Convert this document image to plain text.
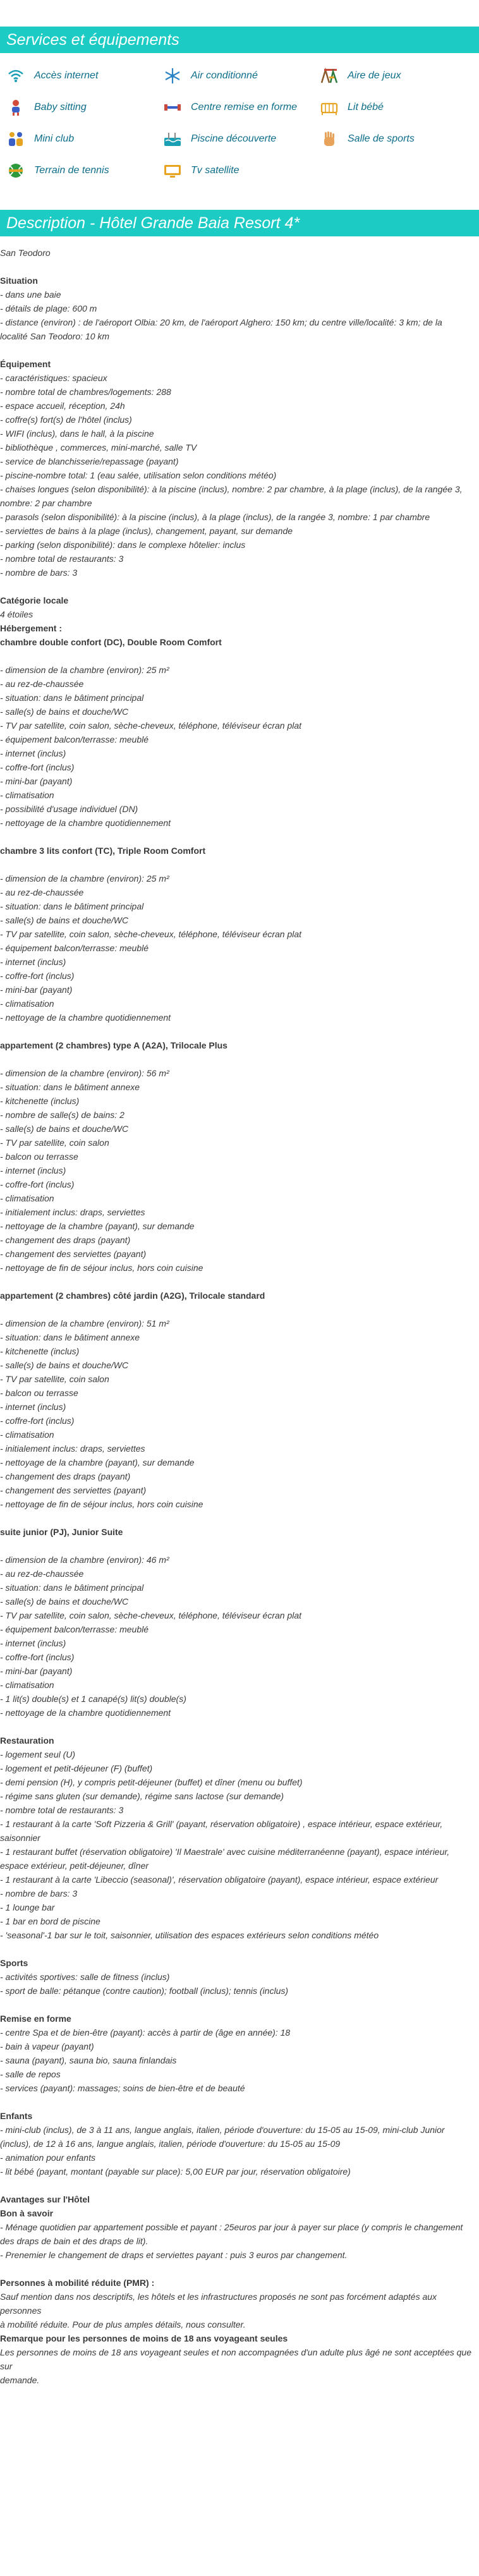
Services et équipements
Accès internet	Air conditionné	Aire de jeux
Baby sitting	Centre remise en forme	Lit bébé
Mini club	Piscine découverte	Salle de sports
Terrain de tennis	Tv satellite
Description - Hôtel Grande Baia Resort 4*
San Teodoro
Situation
- dans une baie
- détails de plage: 600 m
- distance (environ) : de l'aéroport Olbia: 20 km, de l'aéroport Alghero: 150 km; du centre ville/localité: 3 km; de la
localité San Teodoro: 10 km
Équipement
- caractéristiques: spacieux
- nombre total de chambres/logements: 288
- espace accueil, réception, 24h
- coffre(s) fort(s) de l'hôtel (inclus)
- WIFI (inclus), dans le hall, à la piscine
- bibliothèque , commerces, mini-marché, salle TV
- service de blanchisserie/repassage (payant)
- piscine-nombre total: 1 (eau salée, utilisation selon conditions météo)
- chaises longues (selon disponibilité): à la piscine (inclus), nombre: 2 par chambre, à la plage (inclus), de la rangée 3,
nombre: 2 par chambre
- parasols (selon disponibilité): à la piscine (inclus), à la plage (inclus), de la rangée 3, nombre: 1 par chambre
- serviettes de bains à la plage (inclus), changement, payant, sur demande
- parking (selon disponibilité): dans le complexe hôtelier: inclus
- nombre total de restaurants: 3
- nombre de bars: 3
Catégorie locale
4 étoiles
Hébergement :
chambre double confort (DC), Double Room Comfort
- dimension de la chambre (environ): 25 m²
- au rez-de-chaussée
- situation: dans le bâtiment principal
- salle(s) de bains et douche/WC
- TV par satellite, coin salon, sèche-cheveux, téléphone, téléviseur écran plat
- équipement balcon/terrasse: meublé
- internet (inclus)
- coffre-fort (inclus)
- mini-bar (payant)
- climatisation
- possibilité d'usage individuel (DN)
- nettoyage de la chambre quotidiennement
chambre 3 lits confort (TC), Triple Room Comfort
- dimension de la chambre (environ): 25 m²
- au rez-de-chaussée
- situation: dans le bâtiment principal
- salle(s) de bains et douche/WC
- TV par satellite, coin salon, sèche-cheveux, téléphone, téléviseur écran plat
- équipement balcon/terrasse: meublé
- internet (inclus)
- coffre-fort (inclus)
- mini-bar (payant)
- climatisation
- nettoyage de la chambre quotidiennement
appartement (2 chambres) type A (A2A), Trilocale Plus
- dimension de la chambre (environ): 56 m²
- situation: dans le bâtiment annexe
- kitchenette (inclus)
- nombre de salle(s) de bains: 2
- salle(s) de bains et douche/WC
- TV par satellite, coin salon
- balcon ou terrasse
- internet (inclus)
- coffre-fort (inclus)
- climatisation
- initialement inclus: draps, serviettes
- nettoyage de la chambre (payant), sur demande
- changement des draps (payant)
- changement des serviettes (payant)
- nettoyage de fin de séjour inclus, hors coin cuisine
appartement (2 chambres) côté jardin (A2G), Trilocale standard
- dimension de la chambre (environ): 51 m²
- situation: dans le bâtiment annexe
- kitchenette (inclus)
- salle(s) de bains et douche/WC
- TV par satellite, coin salon
- balcon ou terrasse
- internet (inclus)
- coffre-fort (inclus)
- climatisation
- initialement inclus: draps, serviettes
- nettoyage de la chambre (payant), sur demande
- changement des draps (payant)
- changement des serviettes (payant)
- nettoyage de fin de séjour inclus, hors coin cuisine
suite junior (PJ), Junior Suite
- dimension de la chambre (environ): 46 m²
- au rez-de-chaussée
- situation: dans le bâtiment principal
- salle(s) de bains et douche/WC
- TV par satellite, coin salon, sèche-cheveux, téléphone, téléviseur écran plat
- équipement balcon/terrasse: meublé
- internet (inclus)
- coffre-fort (inclus)
- mini-bar (payant)
- climatisation
- 1 lit(s) double(s) et 1 canapé(s) lit(s) double(s)
- nettoyage de la chambre quotidiennement
Restauration
- logement seul (U)
- logement et petit-déjeuner (F) (buffet)
- demi pension (H), y compris petit-déjeuner (buffet) et dîner (menu ou buffet)
- régime sans gluten (sur demande), régime sans lactose (sur demande)
- nombre total de restaurants: 3
- 1 restaurant à la carte 'Soft Pizzeria & Grill' (payant, réservation obligatoire) , espace intérieur, espace extérieur,
saisonnier
- 1 restaurant buffet (réservation obligatoire) 'Il Maestrale' avec cuisine méditerranéenne (payant), espace intérieur,
espace extérieur, petit-déjeuner, dîner
- 1 restaurant à la carte 'Libeccio (seasonal)', réservation obligatoire (payant), espace intérieur, espace extérieur
- nombre de bars: 3
- 1 lounge bar
- 1 bar en bord de piscine
- 'seasonal'-1 bar sur le toit, saisonnier, utilisation des espaces extérieurs selon conditions météo
Sports
- activités sportives: salle de fitness (inclus)
- sport de balle: pétanque (contre caution); football (inclus); tennis (inclus)
Remise en forme
- centre Spa et de bien-être (payant): accès à partir de (âge en année): 18
- bain à vapeur (payant)
- sauna (payant), sauna bio, sauna finlandais
- salle de repos
- services (payant): massages; soins de bien-être et de beauté
Enfants
- mini-club (inclus), de 3 à 11 ans, langue anglais, italien, période d'ouverture: du 15-05 au 15-09, mini-club Junior
(inclus), de 12 à 16 ans, langue anglais, italien, période d'ouverture: du 15-05 au 15-09
- animation pour enfants
- lit bébé (payant, montant (payable sur place): 5,00 EUR par jour, réservation obligatoire)
Avantages sur l'Hôtel
Bon à savoir
- Ménage quotidien par appartement possible et payant : 25euros par jour à payer sur place (y compris le changement
des draps de bain et des draps de lit).
- Prenemier le changement de draps et serviettes payant : puis 3 euros par changement.
Personnes à mobilité réduite (PMR) :
Sauf mention dans nos descriptifs, les hôtels et les infrastructures proposés ne sont pas forcément adaptés aux personnes
à mobilité réduite. Pour de plus amples détails, nous consulter.
Remarque pour les personnes de moins de 18 ans voyageant seules
Les personnes de moins de 18 ans voyageant seules et non accompagnées d'un adulte plus âgé ne sont acceptées que sur
demande.
